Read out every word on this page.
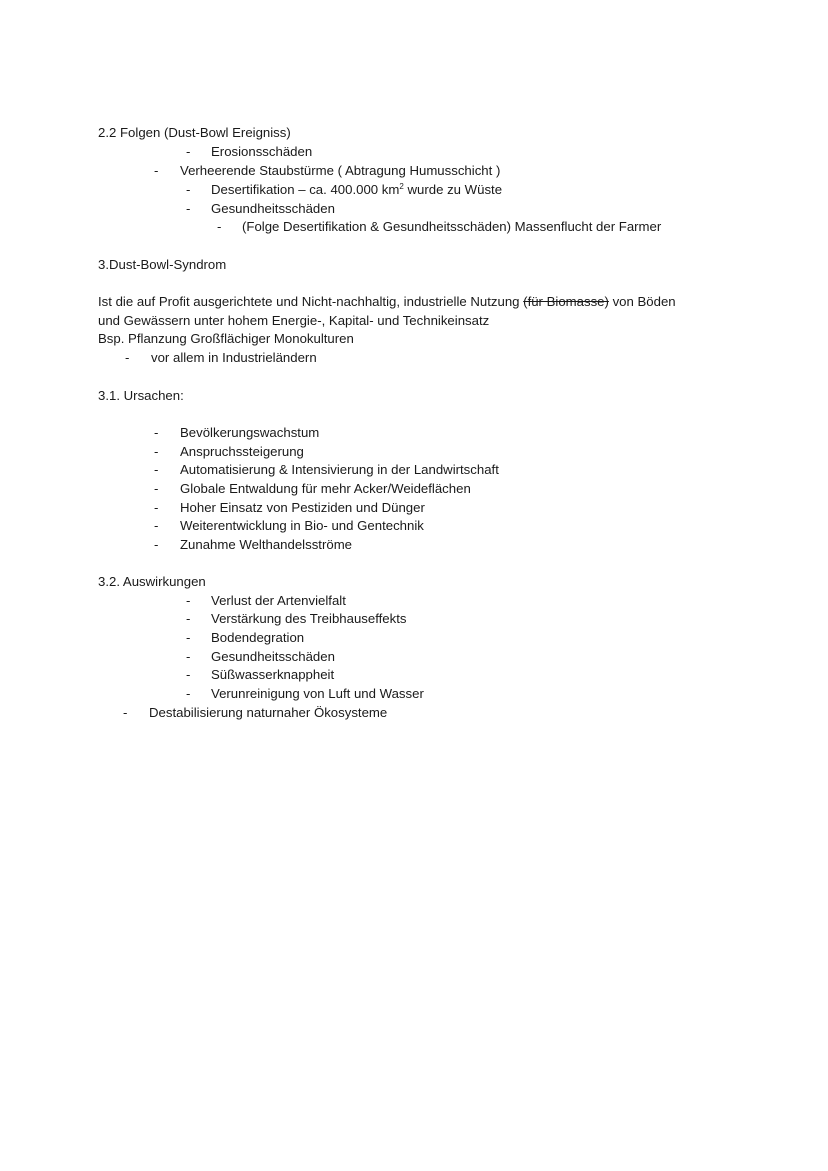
2.2 Folgen (Dust-Bowl Ereigniss)
- Erosionsschäden
- Verheerende Staubstürme ( Abtragung Humusschicht )
- Desertifikation – ca. 400.000 $km^2$ wurde zu Wüste
- Gesundheitsschäden
- (Folge Desertifikation & Gesundheitsschäden) Massenflucht der Farmer
3.Dust-Bowl-Syndrom
Ist die auf Profit ausgerichtete und Nicht-nachhaltig, industrielle Nutzung (für Biomasse) von Böden
und Gewässern unter hohem Energie-, Kapital- und Technikeinsatz
Bsp. Pflanzung Großflächiger Monokulturen
- vor allem in Industrieländern
3.1. Ursachen:
- Bevölkerungswachstum
- Anspruchssteigerung
- Automatisierung & Intensivierung in der Landwirtschaft
- Globale Entwaldung für mehr Acker/Weideflächen
- Hoher Einsatz von Pestiziden und Dünger
- Weiterentwicklung in Bio- und Gentechnik
- Zunahme Welthandelsströme
3.2. Auswirkungen
- Verlust der Artenvielfalt
- Verstärkung des Treibhauseffekts
- Bodendegration
- Gesundheitsschäden
- Süßwasserknappheit
- Verunreinigung von Luft und Wasser
- Destabilisierung naturnaher Ökosysteme
